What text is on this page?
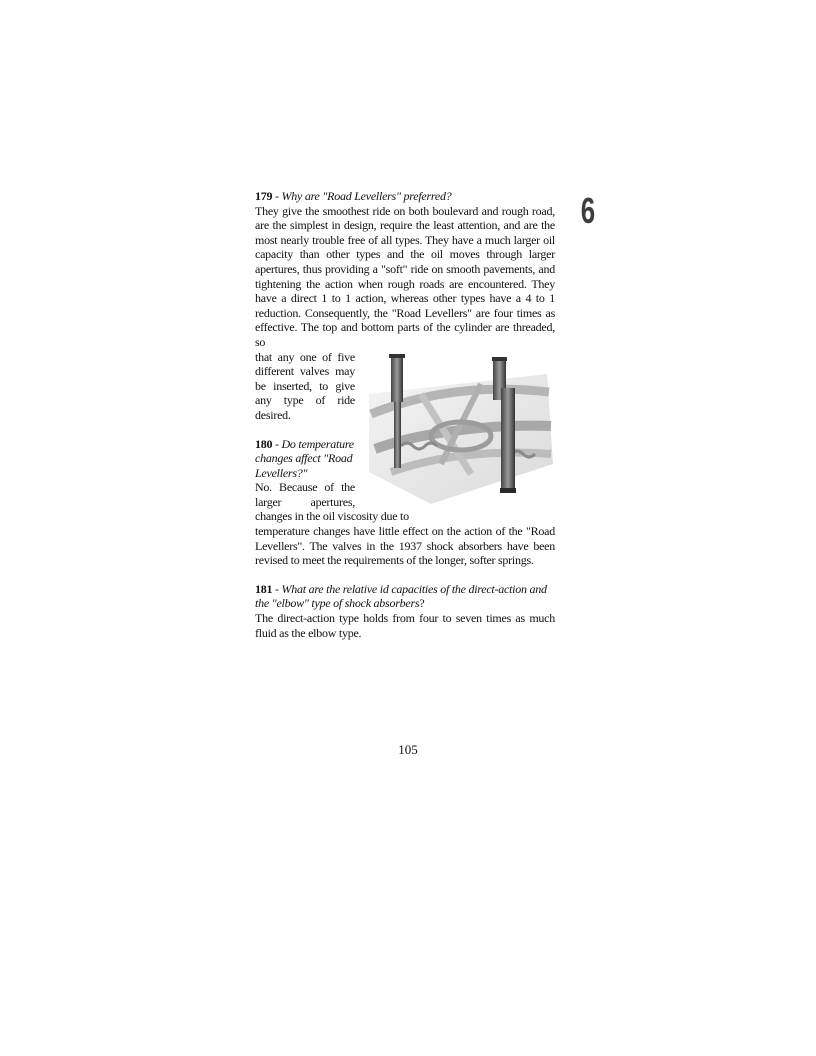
6
179 - Why are "Road Levellers" preferred?

They give the smoothest ride on both boulevard and rough road, are the simplest in design, require the least attention, and are the most nearly trouble free of all types. They have a much larger oil capacity than other types and the oil moves through larger apertures, thus providing a "soft" ride on smooth pavements, and tightening the action when rough roads are encountered. They have a direct 1 to 1 action, whereas other types have a 4 to 1 reduction. Consequently, the "Road Levellers" are four times as effective. The top and bottom parts of the cylinder are threaded, so

that any one of five different valves may be inserted, to give any type of ride desired.

180 - Do temperature changes affect "Road Levellers?"

No. Because of the larger apertures, changes in the oil viscosity due to

temperature changes have little effect on the action of the "Road Levellers". The valves in the 1937 shock absorbers have been revised to meet the requirements of the longer, softer springs.

181 - What are the relative id capacities of the direct-action and the "elbow" type of shock absorbers?

The direct-action type holds from four to seven times as much fluid as the elbow type.

105
